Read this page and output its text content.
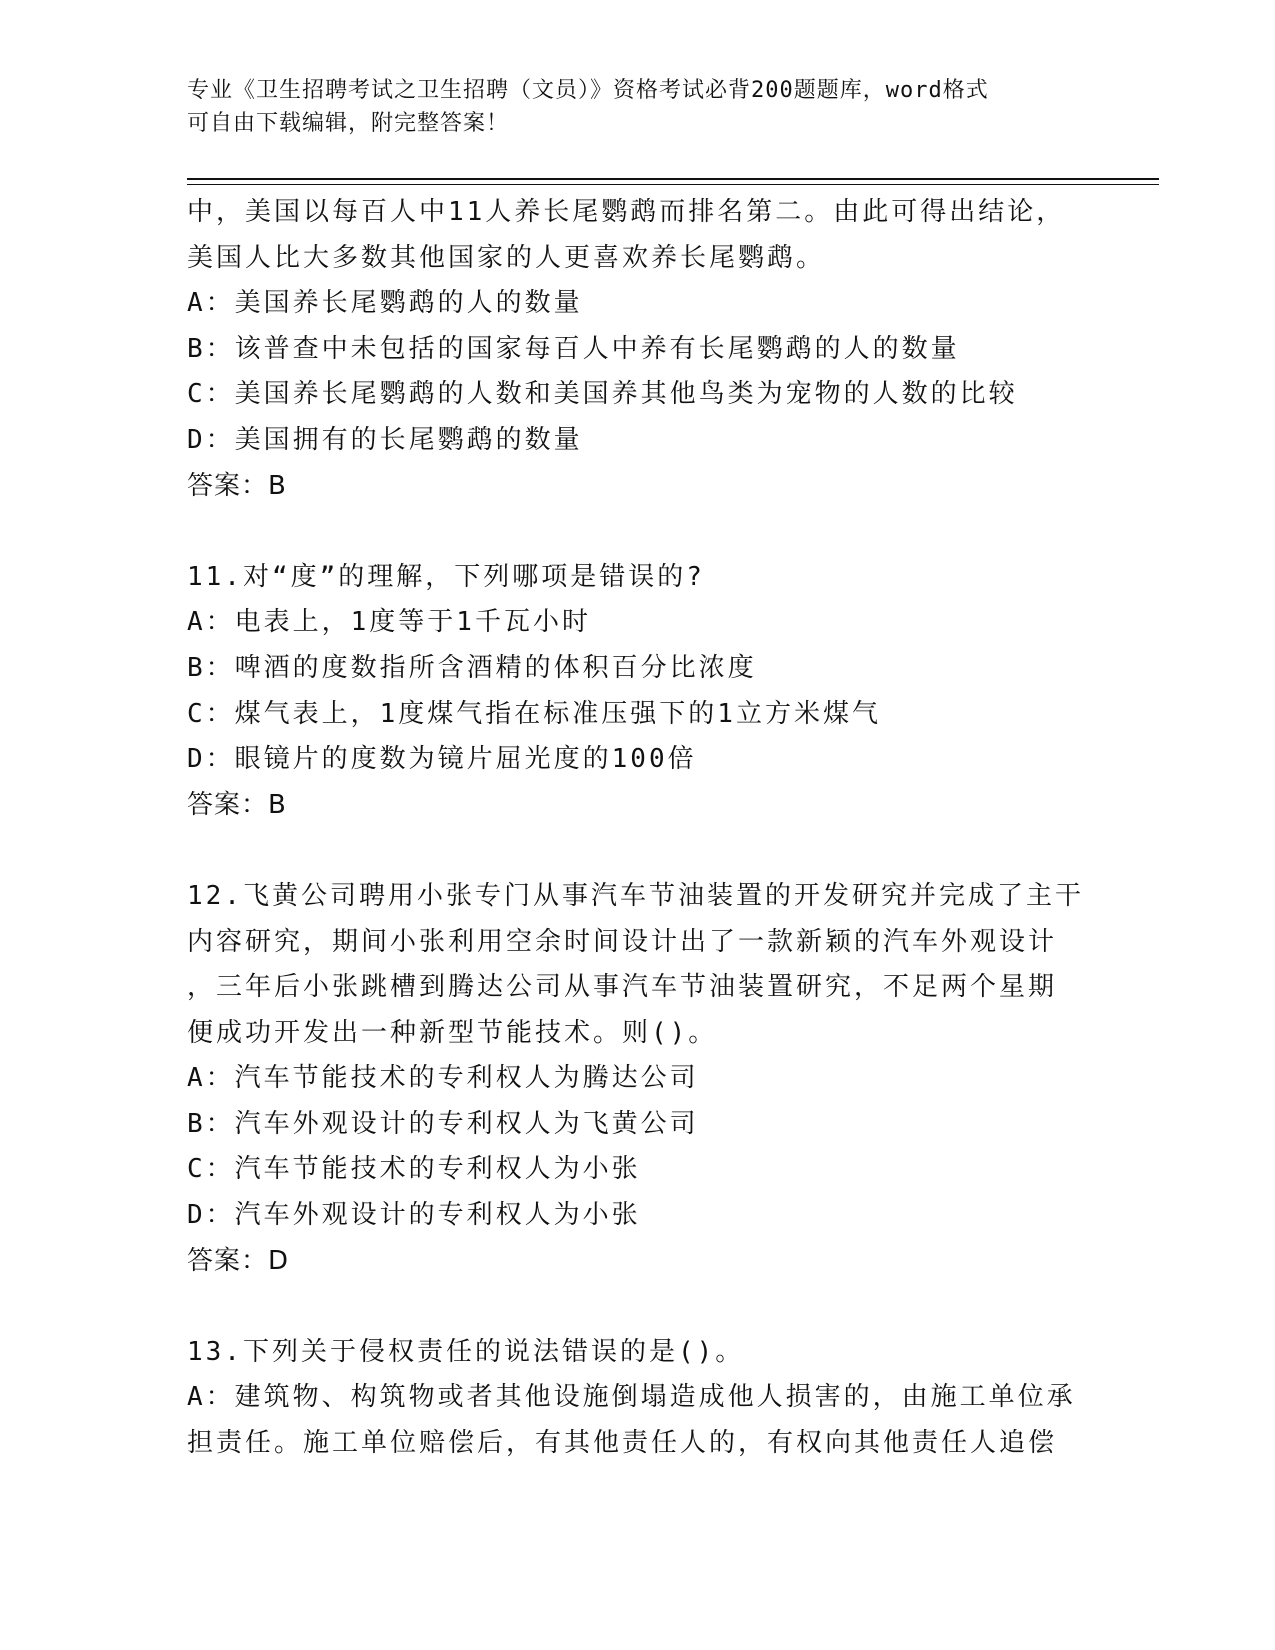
专业《卫生招聘考试之卫生招聘（文员）》资格考试必背200题题库，word格式
可自由下载编辑，附完整答案！
中，美国以每百人中11人养长尾鹦鹉而排名第二。由此可得出结论，
美国人比大多数其他国家的人更喜欢养长尾鹦鹉。
A：美国养长尾鹦鹉的人的数量
B：该普查中未包括的国家每百人中养有长尾鹦鹉的人的数量
C：美国养长尾鹦鹉的人数和美国养其他鸟类为宠物的人数的比较
D：美国拥有的长尾鹦鹉的数量
答案：B
11.对“度”的理解，下列哪项是错误的?
A：电表上，1度等于1千瓦小时
B：啤酒的度数指所含酒精的体积百分比浓度
C：煤气表上，1度煤气指在标准压强下的1立方米煤气
D：眼镜片的度数为镜片屈光度的100倍
答案：B
12.飞黄公司聘用小张专门从事汽车节油装置的开发研究并完成了主干
内容研究，期间小张利用空余时间设计出了一款新颖的汽车外观设计
，三年后小张跳槽到腾达公司从事汽车节油装置研究，不足两个星期
便成功开发出一种新型节能技术。则()。
A：汽车节能技术的专利权人为腾达公司
B：汽车外观设计的专利权人为飞黄公司
C：汽车节能技术的专利权人为小张
D：汽车外观设计的专利权人为小张
答案：D
13.下列关于侵权责任的说法错误的是()。
A：建筑物、构筑物或者其他设施倒塌造成他人损害的，由施工单位承
担责任。施工单位赔偿后，有其他责任人的，有权向其他责任人追偿
